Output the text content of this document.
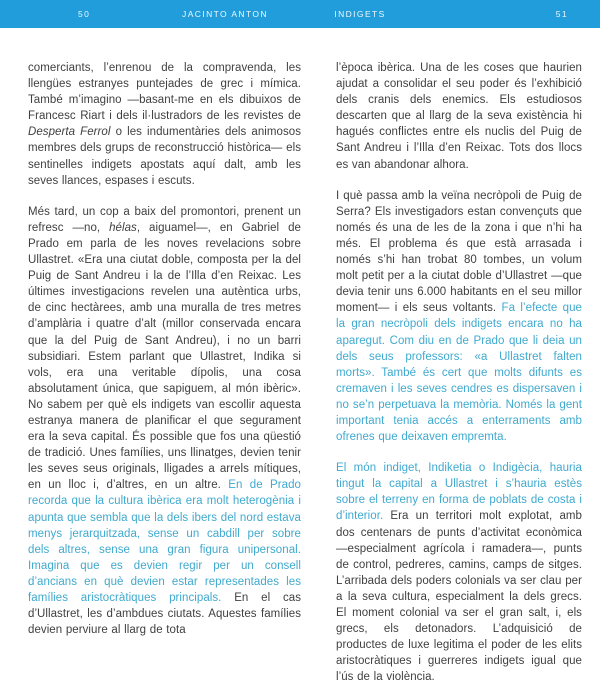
50	JACINTO ANTON	INDIGETS	51

comerciants, l’enrenou de la compravenda, les llengües estranyes puntejades de grec i mímica. També m’imagino —basant-me en els dibuixos de Francesc Riart i dels il·lustradors de les revistes de Desperta Ferrol o les indumentàries dels animosos membres dels grups de reconstrucció històrica— els sentinelles indigets apostats aquí dalt, amb les seves llances, espases i escuts.

Més tard, un cop a baix del promontori, prenent un refresc —no, hélas, aiguamel—, en Gabriel de Prado em parla de les noves revelacions sobre Ullastret. «Era una ciutat doble, composta per la del Puig de Sant Andreu i la de l’Illa d’en Reixac. Les últimes investigacions revelen una autèntica urbs, de cinc hectàrees, amb una muralla de tres metres d’amplària i quatre d’alt (millor conservada encara que la del Puig de Sant Andreu), i no un barri subsidiari. Estem parlant que Ullastret, Indika si vols, era una veritable dípolis, una cosa absolutament única, que sapiguem, al món ibèric». No sabem per què els indigets van escollir aquesta estranya manera de planificar el que segurament era la seva capital. És possible que fos una qüestió de tradició. Unes famílies, uns llinatges, devien tenir les seves seus originals, lligades a arrels mítiques, en un lloc i, d’altres, en un altre. En de Prado recorda que la cultura ibèrica era molt heterogènia i apunta que sembla que la dels ibers del nord estava menys jerarquitzada, sense un cabdill per sobre dels altres, sense una gran figura unipersonal. Imagina que es devien regir per un consell d’ancians en què devien estar representades les famílies aristocràtiques principals. En el cas d’Ullastret, les d’ambdues ciutats. Aquestes famílies devien perviure al llarg de tota

l’època ibèrica. Una de les coses que haurien ajudat a consolidar el seu poder és l’exhibició dels cranis dels enemics. Els estudiosos descarten que al llarg de la seva existència hi hagués conflictes entre els nuclis del Puig de Sant Andreu i l’Illa d’en Reixac. Tots dos llocs es van abandonar alhora.

I què passa amb la veïna necròpoli de Puig de Serra? Els investigadors estan convençuts que només és una de les de la zona i que n’hi ha més. El problema és que està arrasada i només s’hi han trobat 80 tombes, un volum molt petit per a la ciutat doble d’Ullastret —que devia tenir uns 6.000 habitants en el seu millor moment— i els seus voltants. Fa l’efecte que la gran necròpoli dels indigets encara no ha aparegut. Com diu en de Prado que li deia un dels seus professors: «a Ullastret falten morts». També és cert que molts difunts es cremaven i les seves cendres es dispersaven i no se’n perpetuava la memòria. Només la gent important tenia accés a enterraments amb ofrenes que deixaven empremta.

El món indiget, Indiketia o Indigècia, hauria tingut la capital a Ullastret i s’hauria estès sobre el terreny en forma de poblats de costa i d’interior. Era un territori molt explotat, amb dos centenars de punts d’activitat econòmica —especialment agrícola i ramadera—, punts de control, pedreres, camins, camps de sitges. L’arribada dels poders colonials va ser clau per a la seva cultura, especialment la dels grecs. El moment colonial va ser el gran salt, i, els grecs, els detonadors. L’adquisició de productes de luxe legitima el poder de les elits aristocràtiques i guerreres indigets igual que l’ús de la violència.
